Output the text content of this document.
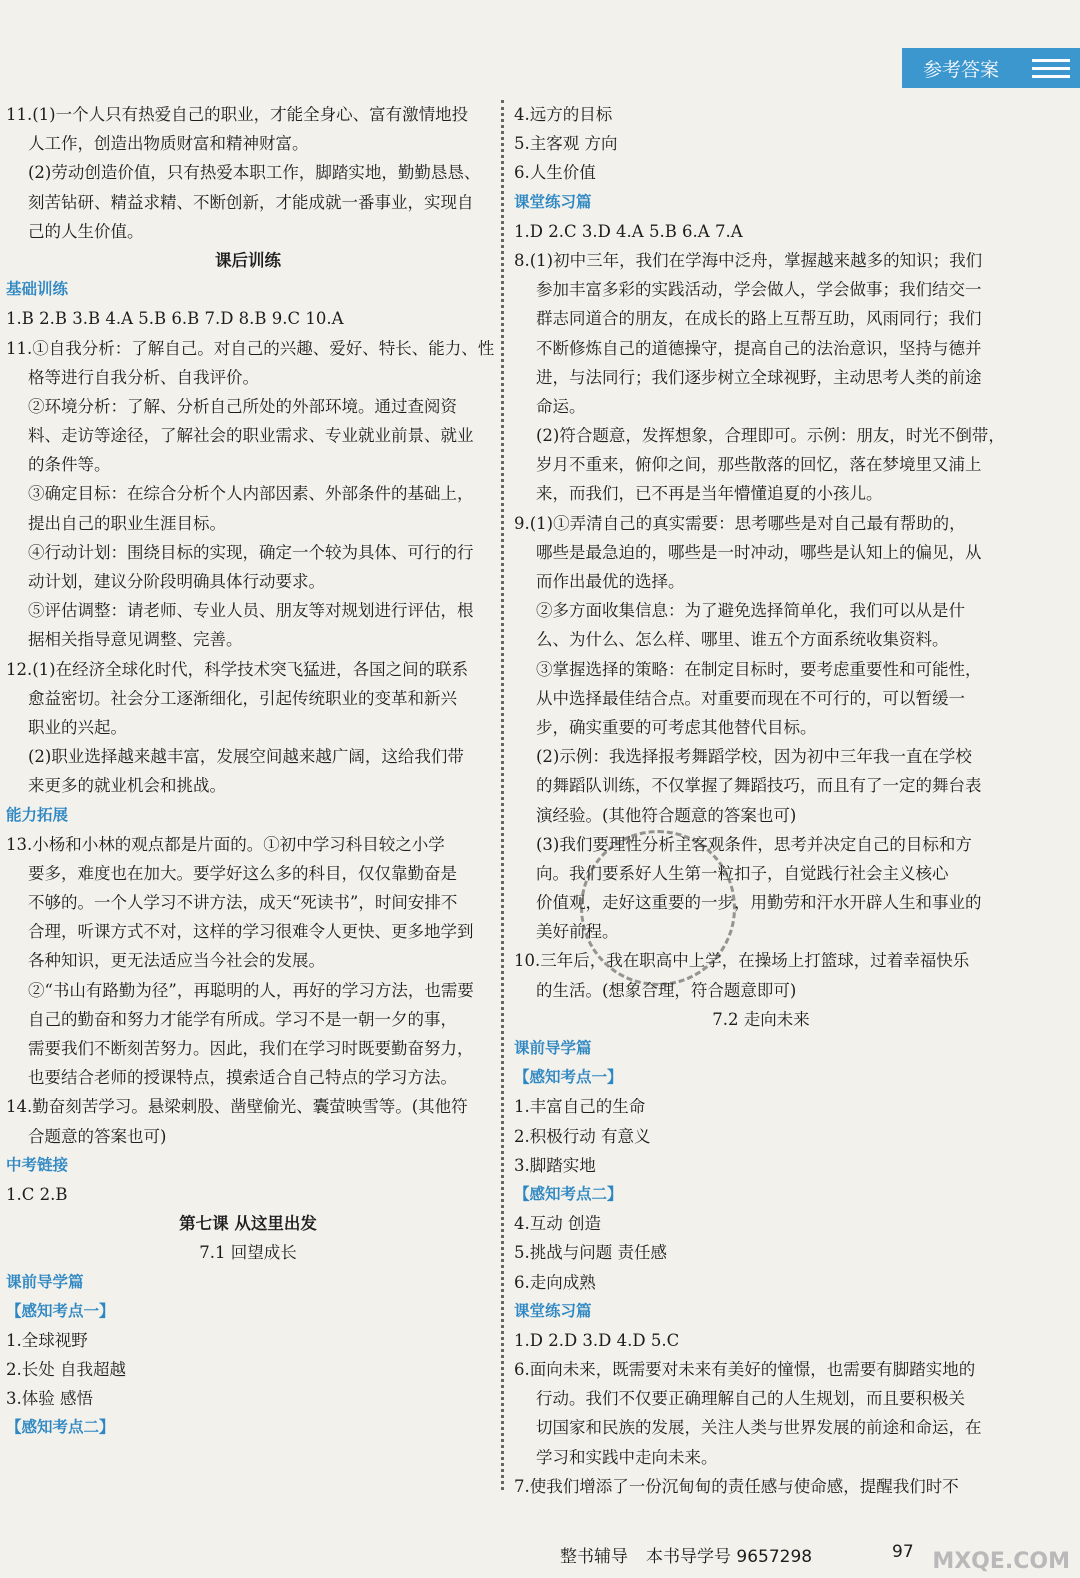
参考答案
11.(1)一个人只有热爱自己的职业，才能全身心、富有激情地投
人工作，创造出物质财富和精神财富。
(2)劳动创造价值，只有热爱本职工作，脚踏实地，勤勤恳恳、
刻苦钻研、精益求精、不断创新，才能成就一番事业，实现自
己的人生价值。
课后训练
基础训练
1.B 2.B 3.B 4.A 5.B 6.B 7.D 8.B 9.C 10.A
11.①自我分析：了解自己。对自己的兴趣、爱好、特长、能力、性
格等进行自我分析、自我评价。
②环境分析：了解、分析自己所处的外部环境。通过查阅资
料、走访等途径，了解社会的职业需求、专业就业前景、就业
的条件等。
③确定目标：在综合分析个人内部因素、外部条件的基础上，
提出自己的职业生涯目标。
④行动计划：围绕目标的实现，确定一个较为具体、可行的行
动计划，建议分阶段明确具体行动要求。
⑤评估调整：请老师、专业人员、朋友等对规划进行评估，根
据相关指导意见调整、完善。
12.(1)在经济全球化时代，科学技术突飞猛进，各国之间的联系
愈益密切。社会分工逐渐细化，引起传统职业的变革和新兴
职业的兴起。
(2)职业选择越来越丰富，发展空间越来越广阔，这给我们带
来更多的就业机会和挑战。
能力拓展
13.小杨和小林的观点都是片面的。①初中学习科目较之小学
要多，难度也在加大。要学好这么多的科目，仅仅靠勤奋是
不够的。一个人学习不讲方法，成天“死读书”，时间安排不
合理，听课方式不对，这样的学习很难令人更快、更多地学到
各种知识，更无法适应当今社会的发展。
②“书山有路勤为径”，再聪明的人，再好的学习方法，也需要
自己的勤奋和努力才能学有所成。学习不是一朝一夕的事，
需要我们不断刻苦努力。因此，我们在学习时既要勤奋努力，
也要结合老师的授课特点，摸索适合自己特点的学习方法。
14.勤奋刻苦学习。悬梁刺股、凿壁偷光、囊萤映雪等。(其他符
合题意的答案也可)
中考链接
1.C 2.B
第七课 从这里出发
7.1 回望成长
课前导学篇
【感知考点一】
1.全球视野
2.长处 自我超越
3.体验 感悟
【感知考点二】
4.远方的目标
5.主客观 方向
6.人生价值
课堂练习篇
1.D 2.C 3.D 4.A 5.B 6.A 7.A
8.(1)初中三年，我们在学海中泛舟，掌握越来越多的知识；我们
参加丰富多彩的实践活动，学会做人，学会做事；我们结交一
群志同道合的朋友，在成长的路上互帮互助，风雨同行；我们
不断修炼自己的道德操守，提高自己的法治意识，坚持与德并
进，与法同行；我们逐步树立全球视野，主动思考人类的前途
命运。
(2)符合题意，发挥想象，合理即可。示例：朋友，时光不倒带，
岁月不重来，俯仰之间，那些散落的回忆，落在梦境里又浦上
来，而我们，已不再是当年懵懂追夏的小孩儿。
9.(1)①弄清自己的真实需要：思考哪些是对自己最有帮助的，
哪些是最急迫的，哪些是一时冲动，哪些是认知上的偏见，从
而作出最优的选择。
②多方面收集信息：为了避免选择简单化，我们可以从是什
么、为什么、怎么样、哪里、谁五个方面系统收集资料。
③掌握选择的策略：在制定目标时，要考虑重要性和可能性，
从中选择最佳结合点。对重要而现在不可行的，可以暂缓一
步，确实重要的可考虑其他替代目标。
(2)示例：我选择报考舞蹈学校，因为初中三年我一直在学校
的舞蹈队训练，不仅掌握了舞蹈技巧，而且有了一定的舞台表
演经验。(其他符合题意的答案也可)
(3)我们要理性分析主客观条件，思考并决定自己的目标和方
向。我们要系好人生第一粒扣子，自觉践行社会主义核心
价值观，走好这重要的一步，用勤劳和汗水开辟人生和事业的
美好前程。
10.三年后，我在职高中上学，在操场上打篮球，过着幸福快乐
的生活。(想象合理，符合题意即可)
7.2 走向未来
课前导学篇
【感知考点一】
1.丰富自己的生命
2.积极行动 有意义
3.脚踏实地
【感知考点二】
4.互动 创造
5.挑战与问题 责任感
6.走向成熟
课堂练习篇
1.D 2.D 3.D 4.D 5.C
6.面向未来，既需要对未来有美好的憧憬，也需要有脚踏实地的
行动。我们不仅要正确理解自己的人生规划，而且要积极关
切国家和民族的发展，关注人类与世界发展的前途和命运，在
学习和实践中走向未来。
7.使我们增添了一份沉甸甸的责任感与使命感，提醒我们时不
整书辅导 本书导学号 9657298	97 MXQE.COM
